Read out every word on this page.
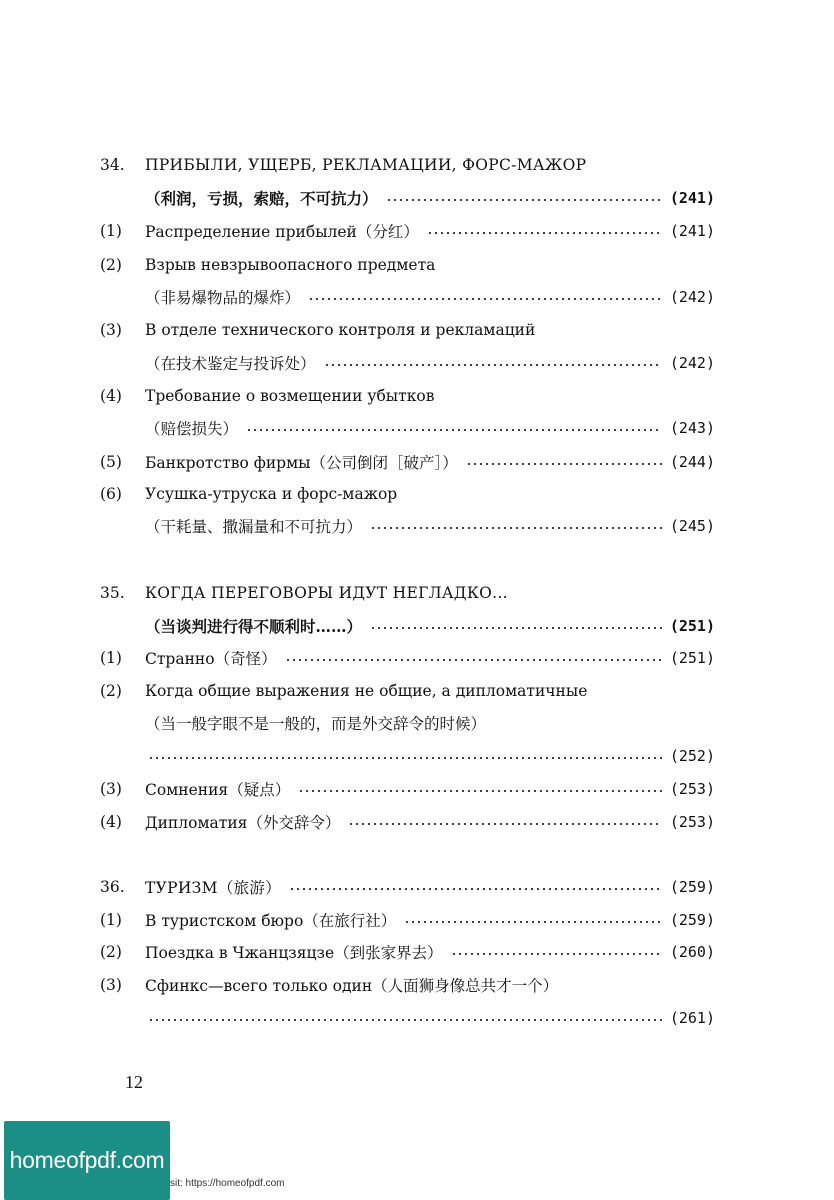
34.	ПРИБЫЛИ, УЩЕРБ, РЕКЛАМАЦИИ, ФОРС-МАЖОР
（利润，亏损，索赔，不可抗力）	(241)
(1)	Распределение прибылей（分红）	(241)
(2)	Взрыв невзрывоопасного предмета
（非易爆物品的爆炸）	(242)
(3)	В отделе технического контроля и рекламаций
（在技术鉴定与投诉处）	(242)
(4)	Требование о возмещении убытков
（赔偿损失）	(243)
(5)	Банкротство фирмы（公司倒闭［破产］）	(244)
(6)	Усушка-утруска и форс-мажор
（干耗量、撒漏量和不可抗力）	(245)
35.	КОГДА ПЕРЕГОВОРЫ ИДУТ НЕГЛАДКО...
（当谈判进行得不顺利时……）	(251)
(1)	Странно（奇怪）	(251)
(2)	Когда общие выражения не общие, а дипломатичные
（当一般字眼不是一般的，而是外交辞令的时候）
(252)
(3)	Сомнения（疑点）	(253)
(4)	Дипломатия（外交辞令）	(253)
36.	ТУРИЗМ（旅游）	(259)
(1)	В туристском бюро（在旅行社）	(259)
(2)	Поездка в Чжанцзяцзе（到张家界去）	(260)
(3)	Сфинкс—всего только один（人面狮身像总共才一个）
(261)
12
homeofpdf.com
sit: https://homeofpdf.com
